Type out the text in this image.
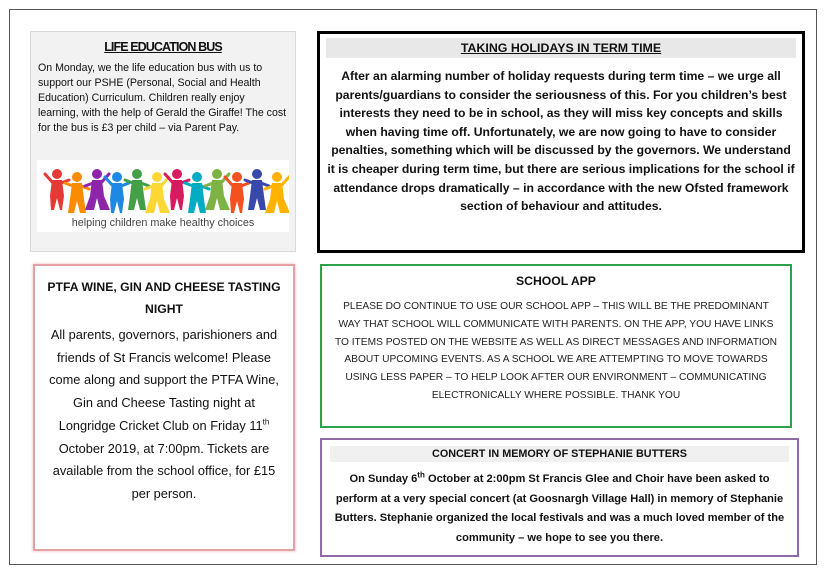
LIFE EDUCATION BUS

On Monday, we the life education bus with us to support our PSHE (Personal, Social and Health Education) Curriculum. Children really enjoy learning, with the help of Gerald the Giraffe! The cost for the bus is £3 per child – via Parent Pay.

helping children make healthy choices
TAKING HOLIDAYS IN TERM TIME

After an alarming number of holiday requests during term time – we urge all parents/guardians to consider the seriousness of this. For you children’s best interests they need to be in school, as they will miss key concepts and skills when having time off. Unfortunately, we are now going to have to consider penalties, something which will be discussed by the governors. We understand it is cheaper during term time, but there are serious implications for the school if attendance drops dramatically – in accordance with the new Ofsted framework section of behaviour and attitudes.

PTFA WINE, GIN AND CHEESE TASTING NIGHT

All parents, governors, parishioners and friends of St Francis welcome! Please come along and support the PTFA Wine, Gin and Cheese Tasting night at Longridge Cricket Club on Friday 11th October 2019, at 7:00pm. Tickets are available from the school office, for £15 per person.

SCHOOL APP

PLEASE DO CONTINUE TO USE OUR SCHOOL APP – THIS WILL BE THE PREDOMINANT WAY THAT SCHOOL WILL COMMUNICATE WITH PARENTS. ON THE APP, YOU HAVE LINKS TO ITEMS POSTED ON THE WEBSITE AS WELL AS DIRECT MESSAGES AND INFORMATION ABOUT UPCOMING EVENTS. AS A SCHOOL WE ARE ATTEMPTING TO MOVE TOWARDS USING LESS PAPER – TO HELP LOOK AFTER OUR ENVIRONMENT – COMMUNICATING ELECTRONICALLY WHERE POSSIBLE. THANK YOU

CONCERT IN MEMORY OF STEPHANIE BUTTERS

On Sunday 6th October at 2:00pm St Francis Glee and Choir have been asked to perform at a very special concert (at Goosnargh Village Hall) in memory of Stephanie Butters. Stephanie organized the local festivals and was a much loved member of the community – we hope to see you there.
